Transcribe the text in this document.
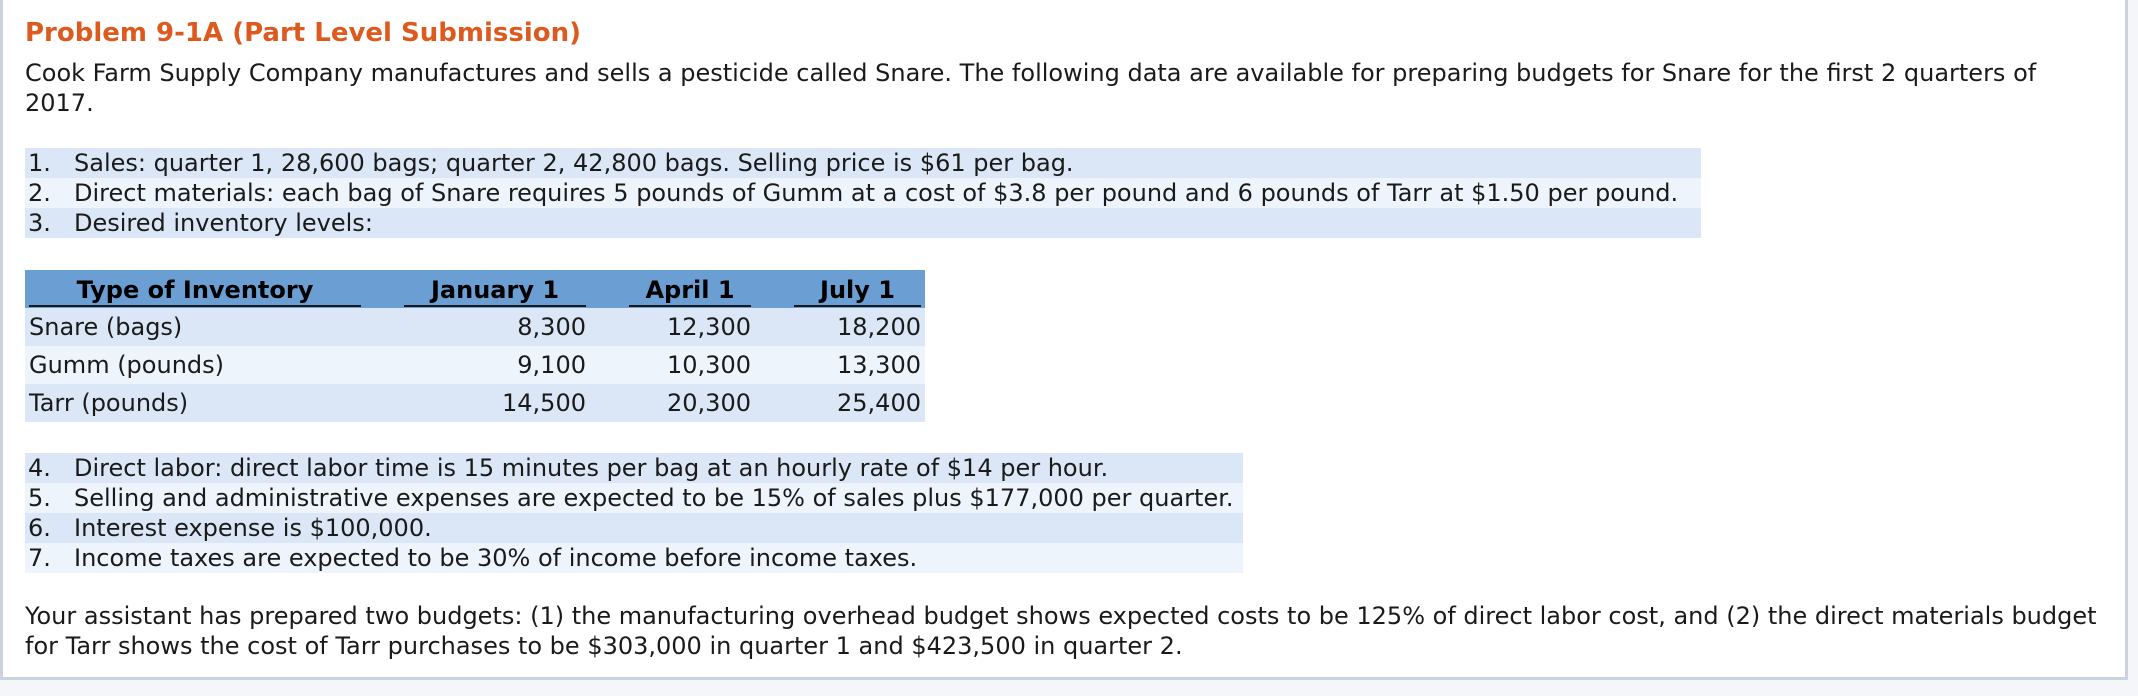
Problem 9-1A (Part Level Submission)
Cook Farm Supply Company manufactures and sells a pesticide called Snare. The following data are available for preparing budgets for Snare for the first 2 quarters of 2017.
1. Sales: quarter 1, 28,600 bags; quarter 2, 42,800 bags. Selling price is $61 per bag.
2. Direct materials: each bag of Snare requires 5 pounds of Gumm at a cost of $3.8 per pound and 6 pounds of Tarr at $1.50 per pound.
3. Desired inventory levels:
Type of Inventory		January 1		April 1		July 1

Snare (bags)		8,300		12,300		18,200
Gumm (pounds)		9,100		10,300		13,300
Tarr (pounds)		14,500		20,300		25,400
4. Direct labor: direct labor time is 15 minutes per bag at an hourly rate of $14 per hour.
5. Selling and administrative expenses are expected to be 15% of sales plus $177,000 per quarter.
6. Interest expense is $100,000.
7. Income taxes are expected to be 30% of income before income taxes.
Your assistant has prepared two budgets: (1) the manufacturing overhead budget shows expected costs to be 125% of direct labor cost, and (2) the direct materials budget for Tarr shows the cost of Tarr purchases to be $303,000 in quarter 1 and $423,500 in quarter 2.
